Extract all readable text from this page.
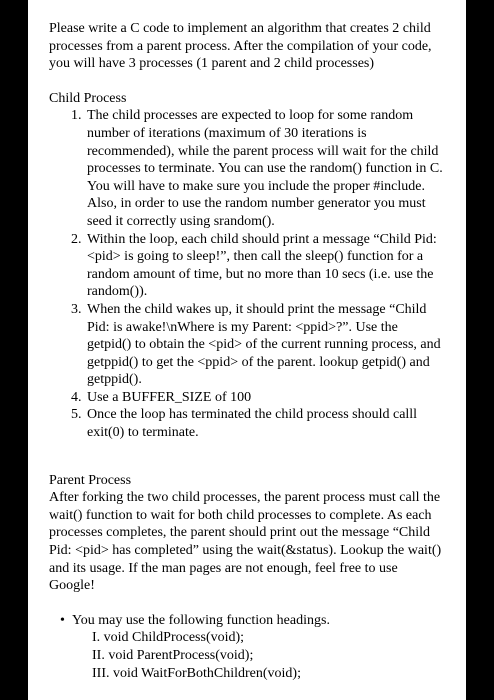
Please write a C code to implement an algorithm that creates 2 child processes from a parent process. After the compilation of your code, you will have 3 processes (1 parent and 2 child processes)

Child Process

1. The child processes are expected to loop for some random number of iterations (maximum of 30 iterations is recommended), while the parent process will wait for the child processes to terminate. You can use the random() function in C. You will have to make sure you include the proper #include. Also, in order to use the random number generator you must seed it correctly using srandom().
2. Within the loop, each child should print a message “Child Pid: <pid> is going to sleep!”, then call the sleep() function for a random amount of time, but no more than 10 secs (i.e. use the random()).
3. When the child wakes up, it should print the message “Child Pid: is awake!\nWhere is my Parent: <ppid>?”. Use the getpid() to obtain the <pid> of the current running process, and getppid() to get the <ppid> of the parent. lookup getpid() and getppid().
4. Use a BUFFER_SIZE of 100
5. Once the loop has terminated the child process should calll exit(0) to terminate.

Parent Process

After forking the two child processes, the parent process must call the wait() function to wait for both child processes to complete. As each processes completes, the parent should print out the message “Child Pid: <pid> has completed” using the wait(&status). Lookup the wait() and its usage. If the man pages are not enough, feel free to use Google!

• You may use the following function headings.

I. void ChildProcess(void);

II. void ParentProcess(void);

III. void WaitForBothChildren(void);
